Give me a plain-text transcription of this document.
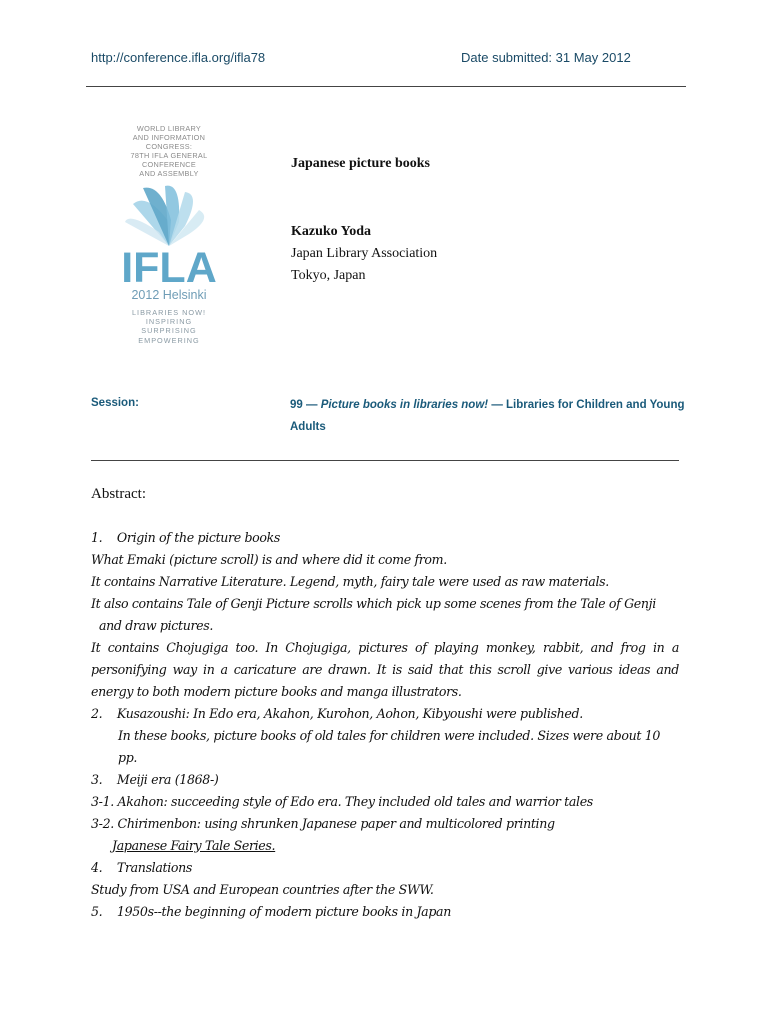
http://conference.ifla.org/ifla78	Date submitted: 31 May 2012
WORLD LIBRARY
AND INFORMATION
CONGRESS:
78TH IFLA GENERAL
CONFERENCE
AND ASSEMBLY
IFLA
2012 Helsinki
LIBRARIES NOW!
INSPIRING
SURPRISING
EMPOWERING
Japanese picture books
Kazuko Yoda
Japan Library Association
Tokyo, Japan
Session:	99 — Picture books in libraries now! — Libraries for Children and Young Adults
Abstract:

1.    Origin of the picture books

What Emaki (picture scroll) is and where did it come from.

It contains Narrative Literature. Legend, myth, fairy tale were used as raw materials.

It also contains Tale of Genji Picture scrolls which pick up some scenes from the Tale of Genji

and draw pictures.

It contains Chojugiga too. In Chojugiga, pictures of playing monkey, rabbit, and frog in a

personifying way in a caricature are drawn. It is said that this scroll give various ideas and

energy to both modern picture books and manga illustrators.

2.    Kusazoushi: In Edo era, Akahon, Kurohon, Aohon, Kibyoushi were published.

In these books, picture books of old tales for children were included. Sizes were about 10

pp.

3.    Meiji era (1868-)

3-1. Akahon: succeeding style of Edo era. They included old tales and warrior tales

3-2. Chirimenbon: using shrunken Japanese paper and multicolored printing

Japanese Fairy Tale Series.

4.    Translations

Study from USA and European countries after the SWW.

5.    1950s--the beginning of modern picture books in Japan
